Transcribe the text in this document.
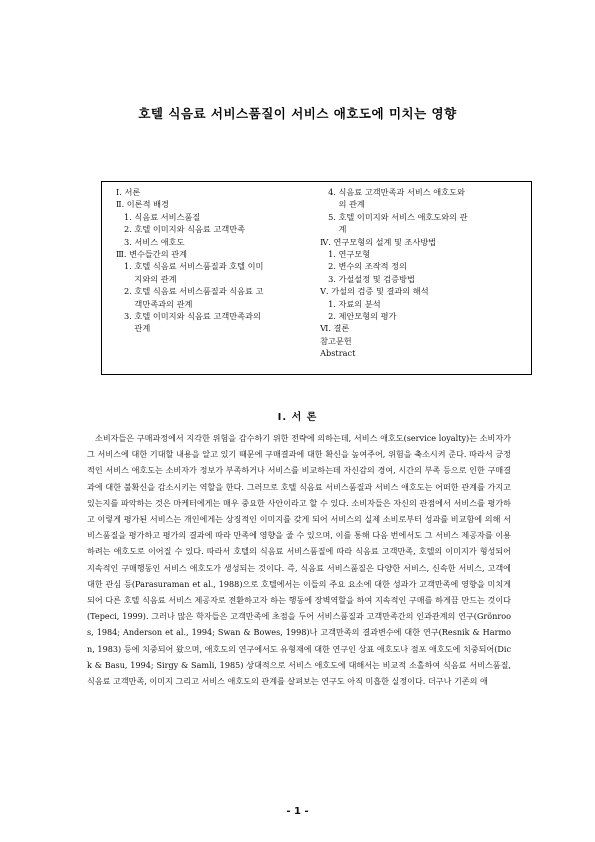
호텔 식음료 서비스품질이 서비스 애호도에 미치는 영향
Ⅰ. 서론
Ⅱ. 이론적 배경
1. 식음료 서비스품질
2. 호텔 이미지와 식음료 고객만족
3. 서비스 애호도
Ⅲ. 변수들간의 관계
1. 호텔 식음료 서비스품질과 호텔 이미
지와의 관계
2. 호텔 식음료 서비스품질과 식음료 고
객만족과의 관계
3. 호텔 이미지와 식음료 고객만족과의
관계
4. 식음료 고객만족과 서비스 애호도와
의 관계
5. 호텔 이미지와 서비스 애호도와의 관
계
Ⅳ. 연구모형의 설계 및 조사방법
1. 연구모형
2. 변수의 조작적 정의
3. 가설설정 및 검증방법
Ⅴ. 가설의 검증 및 결과의 해석
1. 자료의 분석
2. 제안모형의 평가
Ⅵ. 결론
참고문헌
Abstract
Ⅰ. 서 론

소비자들은 구매과정에서 지각한 위험을 감수하기 위한 전략에 의하는데, 서비스 애호도(service loyalty)는 소비자가 그 서비스에 대한 기대할 내용을 알고 있기 때문에 구매결과에 대한 확신을 높여주어, 위험을 축소시켜 준다. 따라서 긍정적인 서비스 애호도는 소비자가 정보가 부족하거나 서비스를 비교하는데 자신감의 경여, 시간의 부족 등으로 인한 구매결과에 대한 불확신을 감소시키는 역할을 한다. 그러므로 호텔 식음료 서비스품질과 서비스 애호도는 어떠한 관계를 가지고 있는지를 파악하는 것은 마케터에게는 매우 중요한 사안이라고 할 수 있다. 소비자들은 자신의 관점에서 서비스를 평가하고 이렇게 평가된 서비스는 개인에게는 상징적인 이미지를 갖게 되어 서비스의 실제 소비로부터 성과를 비교함에 의해 서비스품질을 평가하고 평가의 결과에 따라 만족에 영향을 줄 수 있으며, 이를 통해 다음 번에서도 그 서비스 제공자를 이용하려는 애호도로 이어질 수 있다. 따라서 호텔의 식음료 서비스품질에 따라 식음료 고객만족, 호텔의 이미지가 형성되어 지속적인 구매행동인 서비스 애호도가 생성되는 것이다. 즉, 식음료 서비스품질은 다양한 서비스, 신속한 서비스, 고객에 대한 관심 등(Parasuraman et al., 1988)으로 호텔에서는 이들의 주요 요소에 대한 성과가 고객만족에 영향을 미치게 되어 다른 호텔 식음료 서비스 제공자로 전환하고자 하는 행동에 장벽역할을 하여 지속적인 구매를 하게끔 만드는 것이다(Tepeci, 1999). 그러나 많은 학자들은 고객만족에 초점을 두어 서비스품질과 고객만족간의 인과관계의 연구(Grönroos, 1984; Anderson et al., 1994; Swan & Bowes, 1998)나 고객만족의 결과변수에 대한 연구(Resnik & Harmon, 1983) 등에 치중되어 왔으며, 애호도의 연구에서도 유형재에 대한 연구인 상표 애호도나 점포 애호도에 치중되어(Dick & Basu, 1994; Sirgy & Samli, 1985) 상대적으로 서비스 애호도에 대해서는 비교적 소홀하여 식음료 서비스품질, 식음료 고객만족, 이미지 그리고 서비스 애호도의 관계를 살펴보는 연구도 아직 미흡한 실정이다. 더구나 기존의 애

- 1 -
